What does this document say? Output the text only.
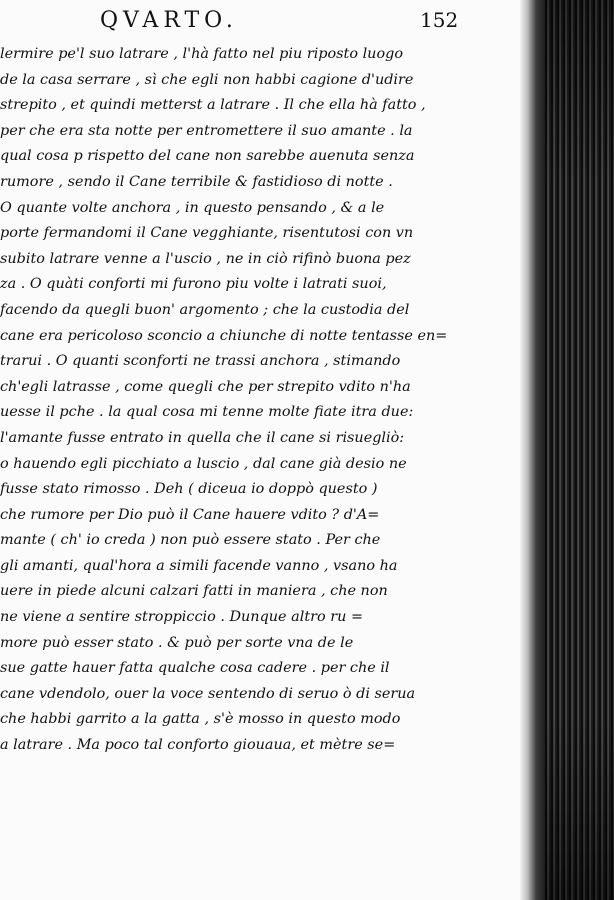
QVARTO.	152
lermire pe'l suo latrare , l'hà fatto nel piu riposto luogo
de la casa serrare , sì che egli non habbi cagione d'udire
strepito , et quindi metterst a latrare . Il che ella hà fatto ,
per che era sta notte per entromettere il suo amante . la
qual cosa p rispetto del cane non sarebbe auenuta senza
rumore , sendo il Cane terribile & fastidioso di notte .
O quante volte anchora , in questo pensando , & a le
porte fermandomi il Cane vegghiante, risentutosi con vn
subito latrare venne a l'uscio , ne in ciò rifinò buona pez
za . O quàti conforti mi furono piu volte i latrati suoi,
facendo da quegli buon' argomento ; che la custodia del
cane era pericoloso sconcio a chiunche di notte tentasse en=
trarui . O quanti sconforti ne trassi anchora , stimando
ch'egli latrasse , come quegli che per strepito vdito n'ha
uesse il pche . la qual cosa mi tenne molte fiate itra due:
l'amante fusse entrato in quella che il cane si risuegliò:
o hauendo egli picchiato a luscio , dal cane già desio ne
fusse stato rimosso . Deh ( diceua io doppò questo )
che rumore per Dio può il Cane hauere vdito ? d'A=
mante ( ch' io creda ) non può essere stato . Per che
gli amanti, qual'hora a simili facende vanno , vsano ha
uere in piede alcuni calzari fatti in maniera , che non
ne viene a sentire stroppiccio . Dunque altro ru =
more può esser stato . & può per sorte vna de le
sue gatte hauer fatta qualche cosa cadere . per che il
cane vdendolo, ouer la voce sentendo di seruo ò di serua
che habbi garrito a la gatta , s'è mosso in questo modo
a latrare . Ma poco tal conforto giouaua, et mètre se=
